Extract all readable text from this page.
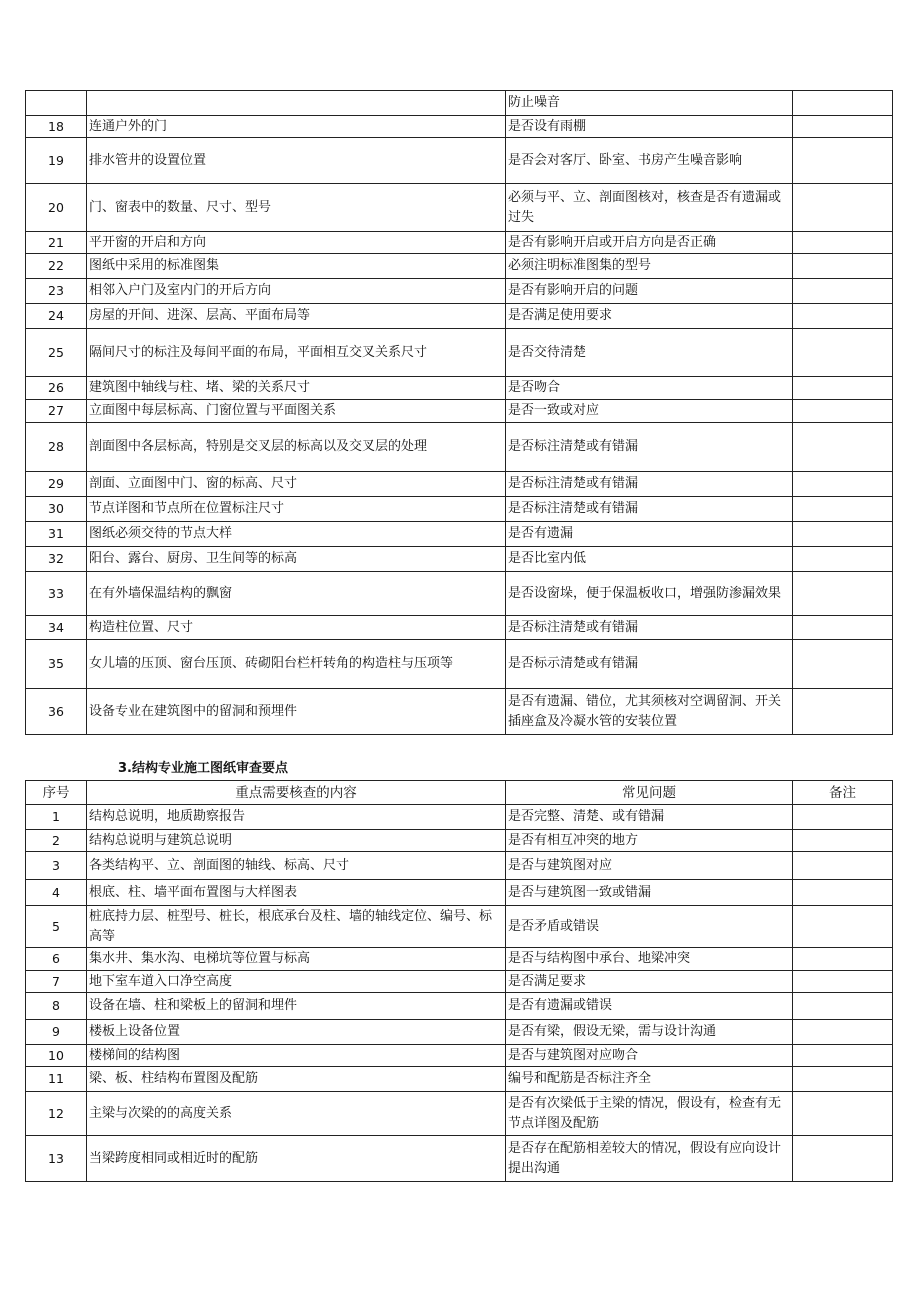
		防止噪音	
18	连通户外的门	是否设有雨棚	
19	排水管井的设置位置	是否会对客厅、卧室、书房产生噪音影响	
20	门、窗表中的数量、尺寸、型号	必须与平、立、剖面图核对，核查是否有遗漏或过失	
21	平开窗的开启和方向	是否有影响开启或开启方向是否正确	
22	图纸中采用的标准图集	必须注明标准图集的型号	
23	相邻入户门及室内门的开后方向	是否有影响开启的问题	
24	房屋的开间、进深、层高、平面布局等	是否满足使用要求	
25	隔间尺寸的标注及每间平面的布局，平面相互交叉关系尺寸	是否交待清楚	
26	建筑图中轴线与柱、堵、梁的关系尺寸	是否吻合	
27	立面图中每层标高、门窗位置与平面图关系	是否一致或对应	
28	剖面图中各层标高，特别是交叉层的标高以及交叉层的处理	是否标注清楚或有错漏	
29	剖面、立面图中门、窗的标高、尺寸	是否标注清楚或有错漏	
30	节点详图和节点所在位置标注尺寸	是否标注清楚或有错漏	
31	图纸必须交待的节点大样	是否有遗漏	
32	阳台、露台、厨房、卫生间等的标高	是否比室内低	
33	在有外墙保温结构的飘窗	是否设窗垛，便于保温板收口，增强防渗漏效果	
34	构造柱位置、尺寸	是否标注清楚或有错漏	
35	女儿墙的压顶、窗台压顶、砖砌阳台栏杆转角的构造柱与压项等	是否标示清楚或有错漏	
36	设备专业在建筑图中的留洞和预埋件	是否有遗漏、错位，尤其须核对空调留洞、开关插座盒及冷凝水管的安装位置	
3.结构专业施工图纸审查要点
序号	重点需要核查的内容	常见问题	备注
1	结构总说明，地质勘察报告	是否完整、清楚、或有错漏	
2	结构总说明与建筑总说明	是否有相互冲突的地方	
3	各类结构平、立、剖面图的轴线、标高、尺寸	是否与建筑图对应	
4	根底、柱、墙平面布置图与大样图表	是否与建筑图一致或错漏	
5	桩底持力层、桩型号、桩长，根底承台及柱、墙的轴线定位、编号、标高等	是否矛盾或错误	
6	集水井、集水沟、电梯坑等位置与标高	是否与结构图中承台、地梁冲突	
7	地下室车道入口净空高度	是否满足要求	
8	设备在墙、柱和梁板上的留洞和埋件	是否有遗漏或错误	
9	楼板上设备位置	是否有梁，假设无梁，需与设计沟通	
10	楼梯间的结构图	是否与建筑图对应吻合	
11	梁、板、柱结构布置图及配筋	编号和配筋是否标注齐全	
12	主梁与次梁的的高度关系	是否有次梁低于主梁的情况，假设有，检查有无节点详图及配筋	
13	当梁跨度相同或相近时的配筋	是否存在配筋相差较大的情况，假设有应向设计提出沟通	
